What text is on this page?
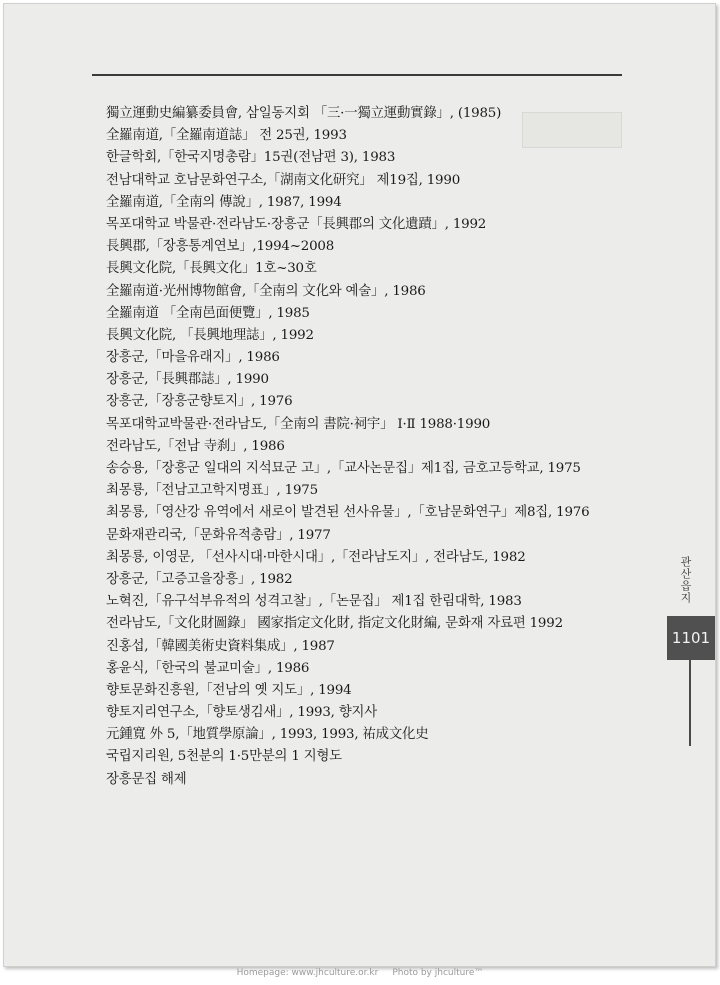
獨立運動史編纂委員會, 삼일동지회 「三·一獨立運動實錄」, (1985)
全羅南道,「全羅南道誌」 전 25권, 1993
한글학회,「한국지명총람」15권(전남편 3), 1983
전남대학교 호남문화연구소,「湖南文化研究」 제19집, 1990
全羅南道,「全南의 傳說」, 1987, 1994
목포대학교 박물관·전라남도·장흥군「長興郡의 文化遺蹟」, 1992
長興郡,「장흥통계연보」,1994~2008
長興文化院,「長興文化」1호~30호
全羅南道·光州博物館會,「全南의 文化와 예술」, 1986
全羅南道 「全南邑面便覽」, 1985
長興文化院, 「長興地理誌」, 1992
장흥군,「마을유래지」, 1986
장흥군,「長興郡誌」, 1990
장흥군,「장흥군향토지」, 1976
목포대학교박물관·전라남도,「全南의 書院·祠宇」 Ⅰ·Ⅱ 1988·1990
전라남도,「전남 寺刹」, 1986
송승용,「장흥군 일대의 지석묘군 고」,「교사논문집」제1집, 금호고등학교, 1975
최몽룡,「전남고고학지명표」, 1975
최몽룡,「영산강 유역에서 새로이 발견된 선사유물」,「호남문화연구」제8집, 1976
문화재관리국,「문화유적총람」, 1977
최몽룡, 이영문, 「선사시대·마한시대」,「전라남도지」, 전라남도, 1982
장흥군,「고증고을장흥」, 1982
노혁진,「유구석부유적의 성격고찰」,「논문집」 제1집 한림대학, 1983
전라남도,「文化財圖錄」 國家指定文化財, 指定文化財編, 문화재 자료편 1992
진홍섭,「韓國美術史資料集成」, 1987
홍윤식,「한국의 불교미술」, 1986
향토문화진흥원,「전남의 옛 지도」, 1994
향토지리연구소,「향토생김새」, 1993, 향지사
元鍾寬 外 5,「地質學原論」, 1993, 1993, 祐成文化史
국립지리원, 5천분의 1·5만분의 1 지형도
장흥문집 해제
관산읍지
1101
Homepage: www.jhculture.or.kr Photo by jhculture™
